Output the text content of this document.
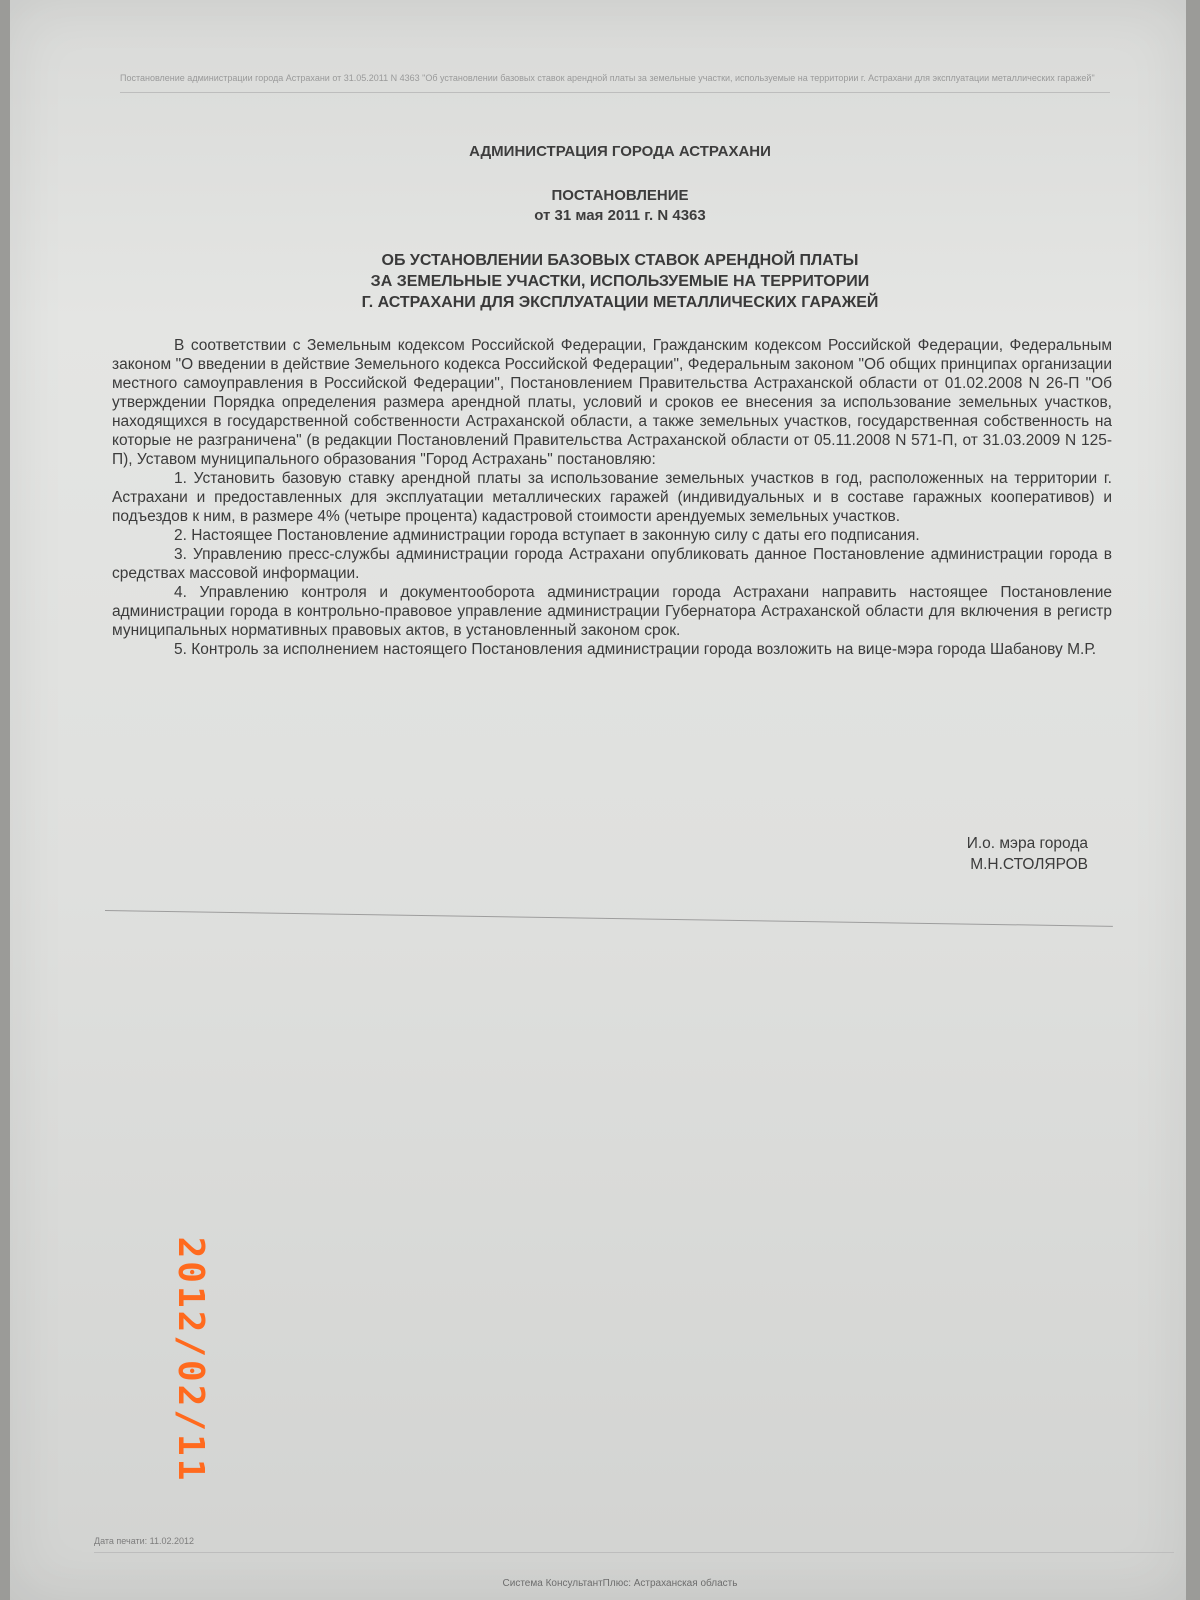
Постановление администрации города Астрахани от 31.05.2011 N 4363 "Об установлении базовых ставок арендной платы за земельные участки, используемые на территории г. Астрахани для эксплуатации металлических гаражей"
АДМИНИСТРАЦИЯ ГОРОДА АСТРАХАНИ
ПОСТАНОВЛЕНИЕ
от 31 мая 2011 г. N 4363
ОБ УСТАНОВЛЕНИИ БАЗОВЫХ СТАВОК АРЕНДНОЙ ПЛАТЫ
ЗА ЗЕМЕЛЬНЫЕ УЧАСТКИ, ИСПОЛЬЗУЕМЫЕ НА ТЕРРИТОРИИ
Г. АСТРАХАНИ ДЛЯ ЭКСПЛУАТАЦИИ МЕТАЛЛИЧЕСКИХ ГАРАЖЕЙ

В соответствии с Земельным кодексом Российской Федерации, Гражданским кодексом Российской Федерации, Федеральным законом "О введении в действие Земельного кодекса Российской Федерации", Федеральным законом "Об общих принципах организации местного самоуправления в Российской Федерации", Постановлением Правительства Астраханской области от 01.02.2008 N 26-П "Об утверждении Порядка определения размера арендной платы, условий и сроков ее внесения за использование земельных участков, находящихся в государственной собственности Астраханской области, а также земельных участков, государственная собственность на которые не разграничена" (в редакции Постановлений Правительства Астраханской области от 05.11.2008 N 571-П, от 31.03.2009 N 125-П), Уставом муниципального образования "Город Астрахань" постановляю:

1. Установить базовую ставку арендной платы за использование земельных участков в год, расположенных на территории г. Астрахани и предоставленных для эксплуатации металлических гаражей (индивидуальных и в составе гаражных кооперативов) и подъездов к ним, в размере 4% (четыре процента) кадастровой стоимости арендуемых земельных участков.

2. Настоящее Постановление администрации города вступает в законную силу с даты его подписания.

3. Управлению пресс-службы администрации города Астрахани опубликовать данное Постановление администрации города в средствах массовой информации.

4. Управлению контроля и документооборота администрации города Астрахани направить настоящее Постановление администрации города в контрольно-правовое управление администрации Губернатора Астраханской области для включения в регистр муниципальных нормативных правовых актов, в установленный законом срок.

5. Контроль за исполнением настоящего Постановления администрации города возложить на вице-мэра города Шабанову М.Р.

И.о. мэра города
М.Н.СТОЛЯРОВ
Дата печати: 11.02.2012
Система КонсультантПлюс: Астраханская область
2012/02/11
